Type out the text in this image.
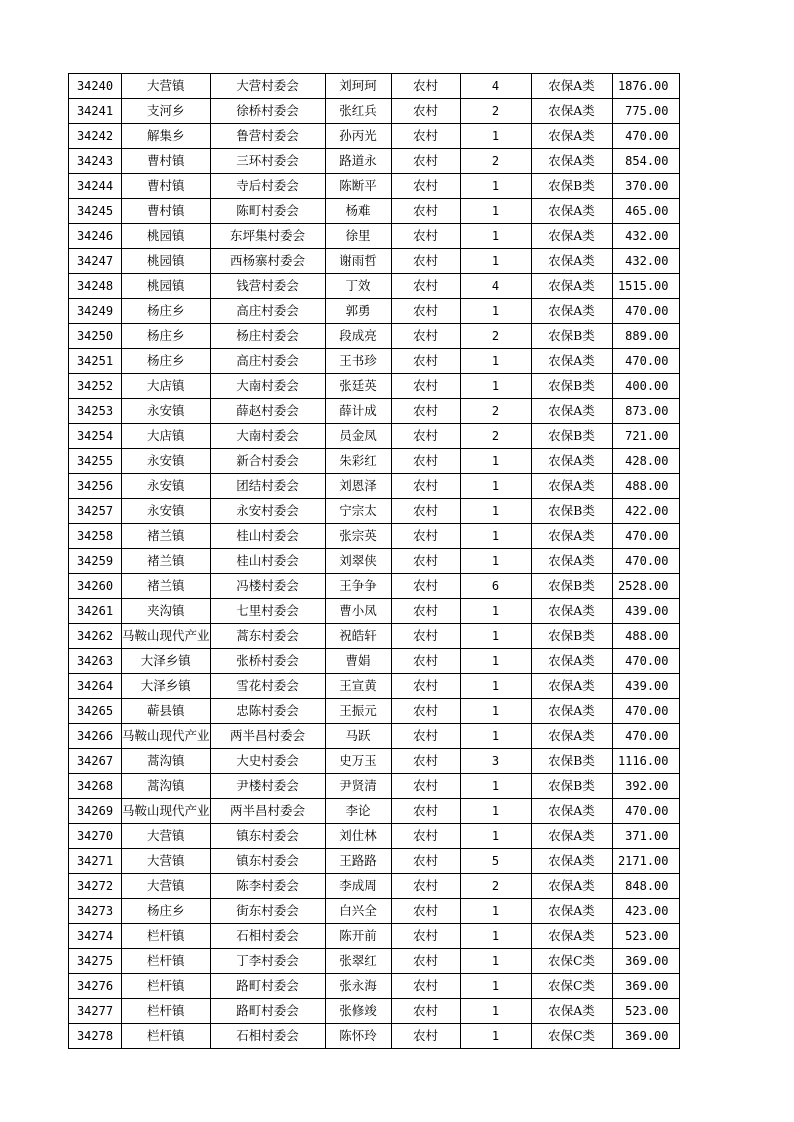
34240	大营镇	大营村委会	刘珂珂	农村	4	农保A类	1876.00
34241	支河乡	徐桥村委会	张红兵	农村	2	农保A类	775.00
34242	解集乡	鲁营村委会	孙丙光	农村	1	农保A类	470.00
34243	曹村镇	三环村委会	路道永	农村	2	农保A类	854.00
34244	曹村镇	寺后村委会	陈断平	农村	1	农保B类	370.00
34245	曹村镇	陈町村委会	杨难	农村	1	农保A类	465.00
34246	桃园镇	东坪集村委会	徐里	农村	1	农保A类	432.00
34247	桃园镇	西杨寨村委会	谢雨哲	农村	1	农保A类	432.00
34248	桃园镇	钱营村委会	丁效	农村	4	农保A类	1515.00
34249	杨庄乡	高庄村委会	郭勇	农村	1	农保A类	470.00
34250	杨庄乡	杨庄村委会	段成亮	农村	2	农保B类	889.00
34251	杨庄乡	高庄村委会	王书珍	农村	1	农保A类	470.00
34252	大店镇	大南村委会	张廷英	农村	1	农保B类	400.00
34253	永安镇	薛赵村委会	薛计成	农村	2	农保A类	873.00
34254	大店镇	大南村委会	员金凤	农村	2	农保B类	721.00
34255	永安镇	新合村委会	朱彩红	农村	1	农保A类	428.00
34256	永安镇	团结村委会	刘恩泽	农村	1	农保A类	488.00
34257	永安镇	永安村委会	宁宗太	农村	1	农保B类	422.00
34258	褚兰镇	桂山村委会	张宗英	农村	1	农保A类	470.00
34259	褚兰镇	桂山村委会	刘翠侠	农村	1	农保A类	470.00
34260	褚兰镇	冯楼村委会	王争争	农村	6	农保B类	2528.00
34261	夹沟镇	七里村委会	曹小凤	农村	1	农保A类	439.00
34262	马鞍山现代产业	蒿东村委会	祝皓轩	农村	1	农保B类	488.00
34263	大泽乡镇	张桥村委会	曹娟	农村	1	农保A类	470.00
34264	大泽乡镇	雪花村委会	王宣黄	农村	1	农保A类	439.00
34265	蕲县镇	忠陈村委会	王振元	农村	1	农保A类	470.00
34266	马鞍山现代产业	两半昌村委会	马跃	农村	1	农保A类	470.00
34267	蒿沟镇	大史村委会	史万玉	农村	3	农保B类	1116.00
34268	蒿沟镇	尹楼村委会	尹贤清	农村	1	农保B类	392.00
34269	马鞍山现代产业	两半昌村委会	李论	农村	1	农保A类	470.00
34270	大营镇	镇东村委会	刘仕林	农村	1	农保A类	371.00
34271	大营镇	镇东村委会	王路路	农村	5	农保A类	2171.00
34272	大营镇	陈李村委会	李成周	农村	2	农保A类	848.00
34273	杨庄乡	街东村委会	白兴全	农村	1	农保A类	423.00
34274	栏杆镇	石相村委会	陈开前	农村	1	农保A类	523.00
34275	栏杆镇	丁李村委会	张翠红	农村	1	农保C类	369.00
34276	栏杆镇	路町村委会	张永海	农村	1	农保C类	369.00
34277	栏杆镇	路町村委会	张修竣	农村	1	农保A类	523.00
34278	栏杆镇	石相村委会	陈怀玲	农村	1	农保C类	369.00
